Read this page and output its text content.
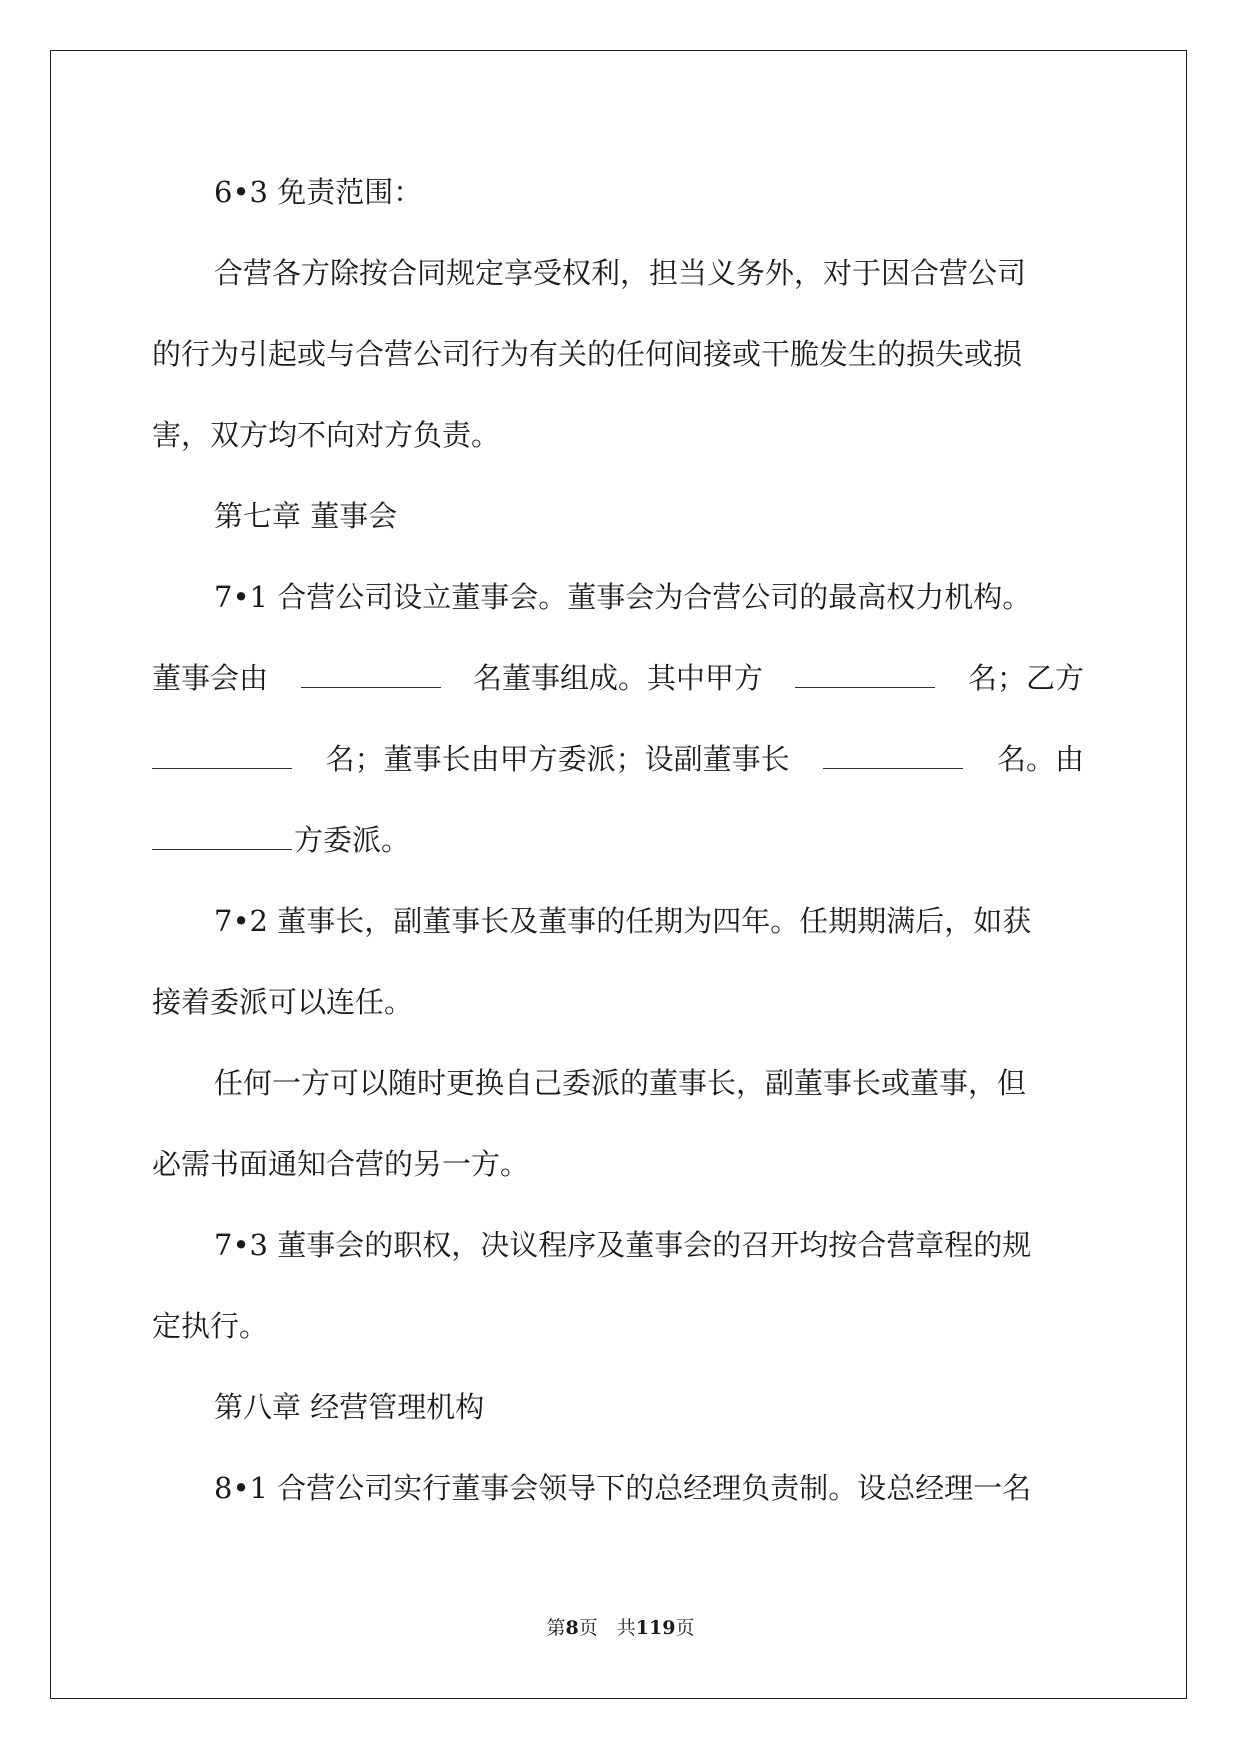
6•3 免责范围：
合营各方除按合同规定享受权利，担当义务外，对于因合营公司
的行为引起或与合营公司行为有关的任何间接或干脆发生的损失或损
害，双方均不向对方负责。
第七章 董事会
7•1 合营公司设立董事会。董事会为合营公司的最高权力机构。
董事会由	名董事组成。其中甲方	名；乙方
名；董事长由甲方委派；设副董事长	名。由
方委派。
7•2 董事长，副董事长及董事的任期为四年。任期期满后，如获
接着委派可以连任。
任何一方可以随时更换自己委派的董事长，副董事长或董事，但
必需书面通知合营的另一方。
7•3 董事会的职权，决议程序及董事会的召开均按合营章程的规
定执行。
第八章 经营管理机构
8•1 合营公司实行董事会领导下的总经理负责制。设总经理一名
第8页　共119页
